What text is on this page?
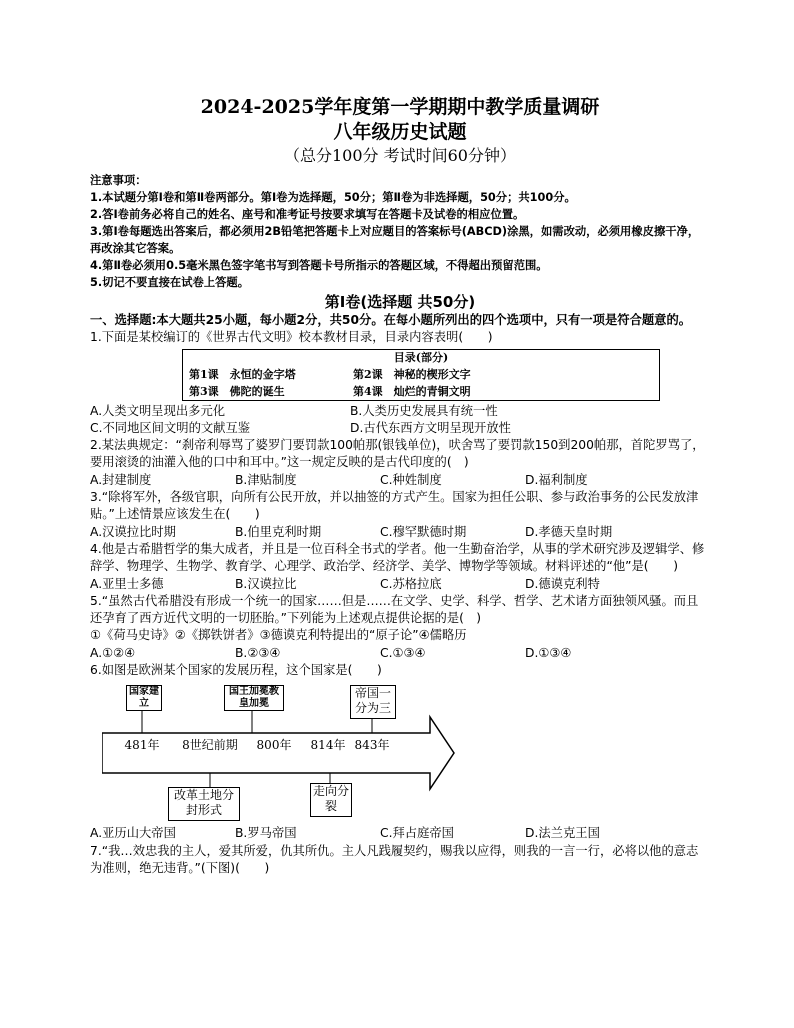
2024-2025学年度第一学期期中教学质量调研
八年级历史试题
（总分100分 考试时间60分钟）
注意事项：
1.本试题分第Ⅰ卷和第Ⅱ卷两部分。第Ⅰ卷为选择题，50分；第Ⅱ卷为非选择题，50分；共100分。
2.答Ⅰ卷前务必将自己的姓名、座号和准考证号按要求填写在答题卡及试卷的相应位置。
3.第Ⅰ卷每题选出答案后，都必须用2B铅笔把答题卡上对应题目的答案标号(ABCD)涂黑，如需改动，必须用橡皮擦干净，再改涂其它答案。
4.第Ⅱ卷必须用0.5毫米黑色签字笔书写到答题卡号所指示的答题区域，不得超出预留范围。
5.切记不要直接在试卷上答题。
第Ⅰ卷(选择题 共50分)
一、选择题:本大题共25小题，每小题2分，共50分。在每小题所列出的四个选项中，只有一项是符合题意的。
1.下面是某校编订的《世界古代文明》校本教材目录，目录内容表明(　　)
目录(部分)
第1课　永恒的金字塔	第2课　神秘的楔形文字
第3课　佛陀的诞生	第4课　灿烂的青铜文明
A.人类文明呈现出多元化	B.人类历史发展具有统一性
C.不同地区间文明的文献互鉴	D.古代东西方文明呈现开放性
2.某法典规定：“刹帝利辱骂了婆罗门要罚款100帕那(银钱单位)，吠舍骂了要罚款150到200帕那，首陀罗骂了，要用滚烫的油灌入他的口中和耳中。”这一规定反映的是古代印度的(　)
A.封建制度	B.津贴制度	C.种姓制度	D.福利制度
3.“除将军外，各级官职，向所有公民开放，并以抽签的方式产生。国家为担任公职、参与政治事务的公民发放津贴。”上述情景应该发生在(　　)
A.汉谟拉比时期	B.伯里克利时期	C.穆罕默德时期	D.孝德天皇时期
4.他是古希腊哲学的集大成者，并且是一位百科全书式的学者。他一生勤奋治学，从事的学术研究涉及逻辑学、修辞学、物理学、生物学、教育学、心理学、政治学、经济学、美学、博物学等领域。材料评述的“他”是(　　)
A.亚里士多德	B.汉谟拉比	C.苏格拉底	D.德谟克利特
5.“虽然古代希腊没有形成一个统一的国家……但是……在文学、史学、科学、哲学、艺术诸方面独领风骚。而且还孕育了西方近代文明的一切胚胎。”下列能为上述观点提供论据的是(　)
①《荷马史诗》②《掷铁饼者》③德谟克利特提出的“原子论”④儒略历
A.①②④	B.②③④	C.①③④	D.①③④
6.如图是欧洲某个国家的发展历程，这个国家是(　　)
国家建立
国王加冕教皇加冕
帝国一分为三
481年	8世纪前期	800年	814年 843年
改革土地分封形式
走向分裂
A.亚历山大帝国	B.罗马帝国	C.拜占庭帝国	D.法兰克王国
7.“我…效忠我的主人，爱其所爱，仇其所仇。主人凡践履契约，赐我以应得，则我的一言一行，必将以他的意志为准则，绝无违背。”(下图)(　　)
